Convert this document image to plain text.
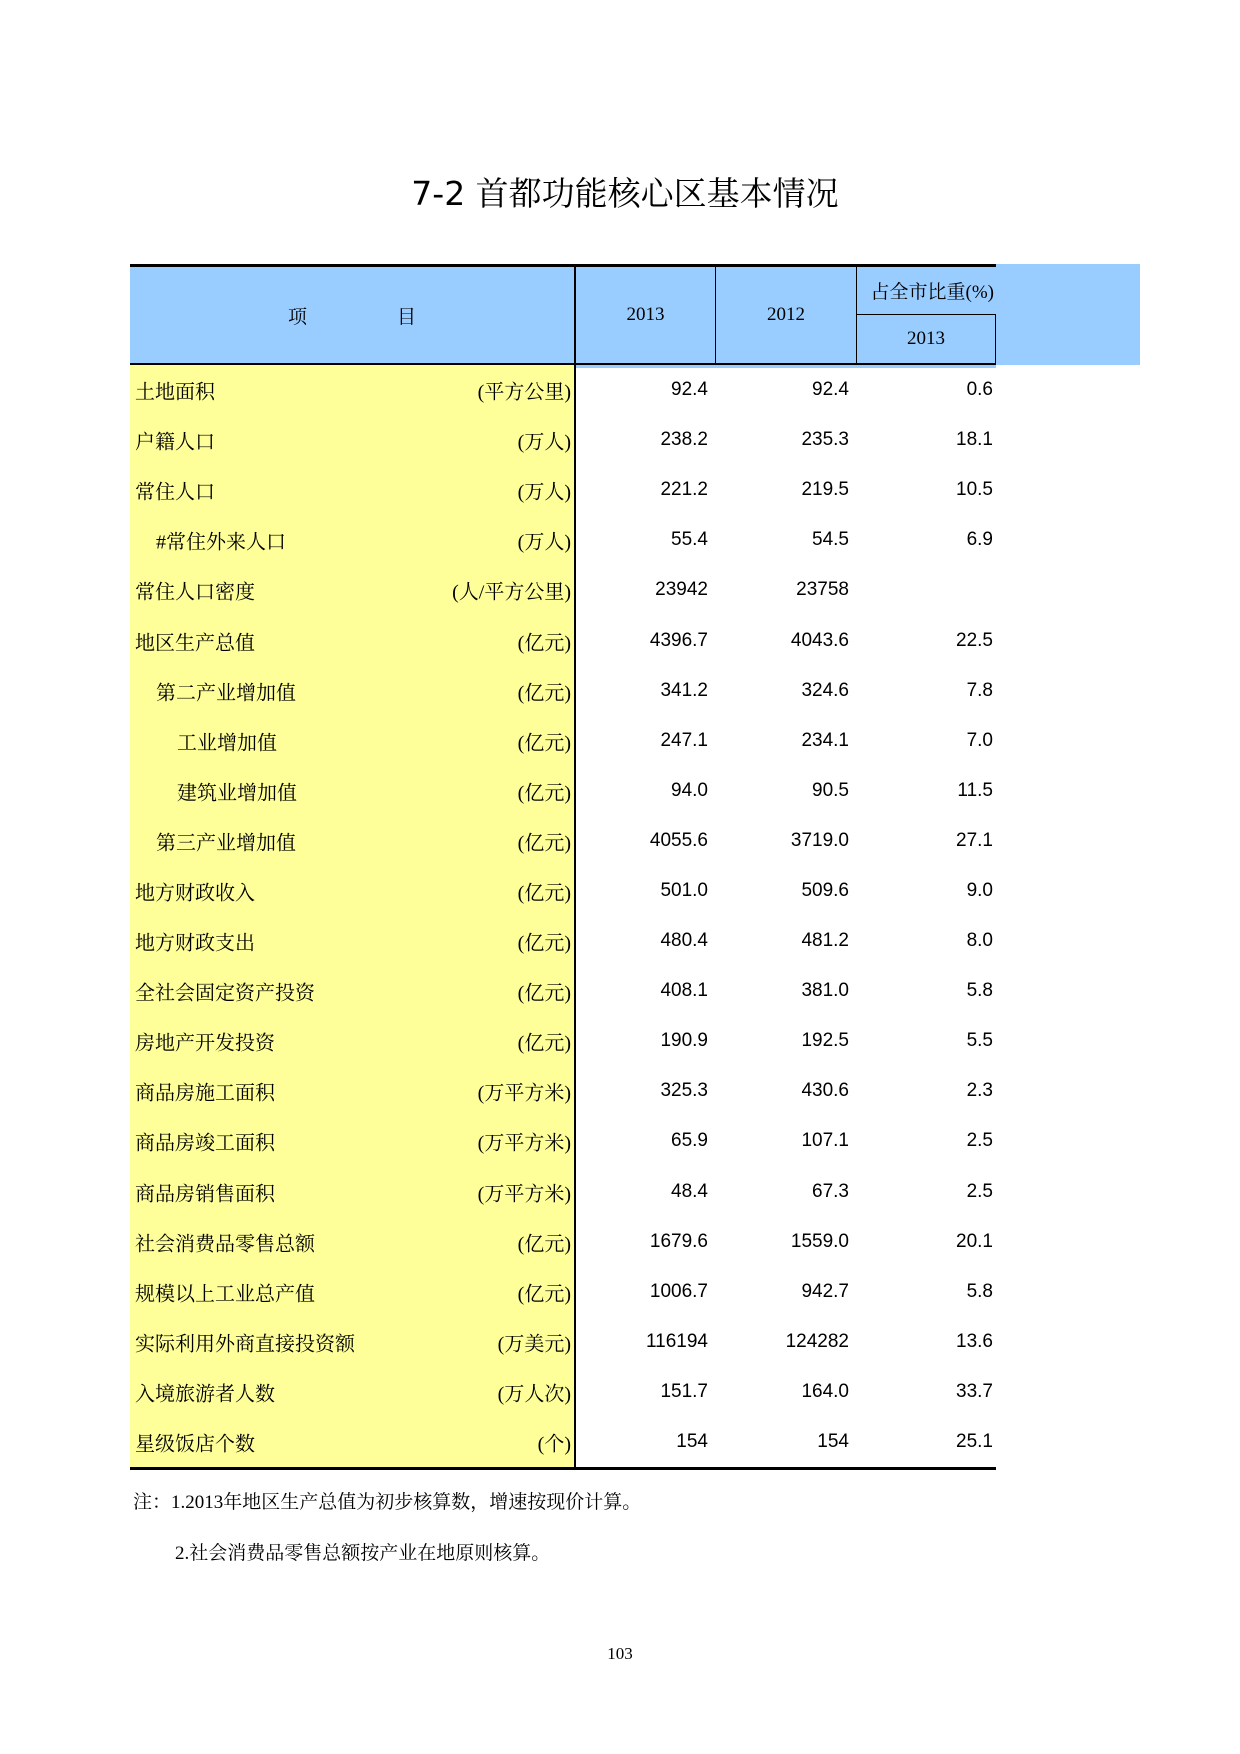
7-2 首都功能核心区基本情况
项	目	2013	2012
占全市比重(%)
2013
土地面积	(平方公里)	92.4	92.4	0.6
户籍人口	(万人)	238.2	235.3	18.1
常住人口	(万人)	221.2	219.5	10.5
#常住外来人口	(万人)	55.4	54.5	6.9
常住人口密度	(人/平方公里)	23942	23758
地区生产总值	(亿元)	4396.7	4043.6	22.5
第二产业增加值	(亿元)	341.2	324.6	7.8
工业增加值	(亿元)	247.1	234.1	7.0
建筑业增加值	(亿元)	94.0	90.5	11.5
第三产业增加值	(亿元)	4055.6	3719.0	27.1
地方财政收入	(亿元)	501.0	509.6	9.0
地方财政支出	(亿元)	480.4	481.2	8.0
全社会固定资产投资	(亿元)	408.1	381.0	5.8
房地产开发投资	(亿元)	190.9	192.5	5.5
商品房施工面积	(万平方米)	325.3	430.6	2.3
商品房竣工面积	(万平方米)	65.9	107.1	2.5
商品房销售面积	(万平方米)	48.4	67.3	2.5
社会消费品零售总额	(亿元)	1679.6	1559.0	20.1
规模以上工业总产值	(亿元)	1006.7	942.7	5.8
实际利用外商直接投资额	(万美元)	116194	124282	13.6
入境旅游者人数	(万人次)	151.7	164.0	33.7
星级饭店个数	(个)	154	154	25.1
注：1.2013年地区生产总值为初步核算数，增速按现价计算。
2.社会消费品零售总额按产业在地原则核算。
103
